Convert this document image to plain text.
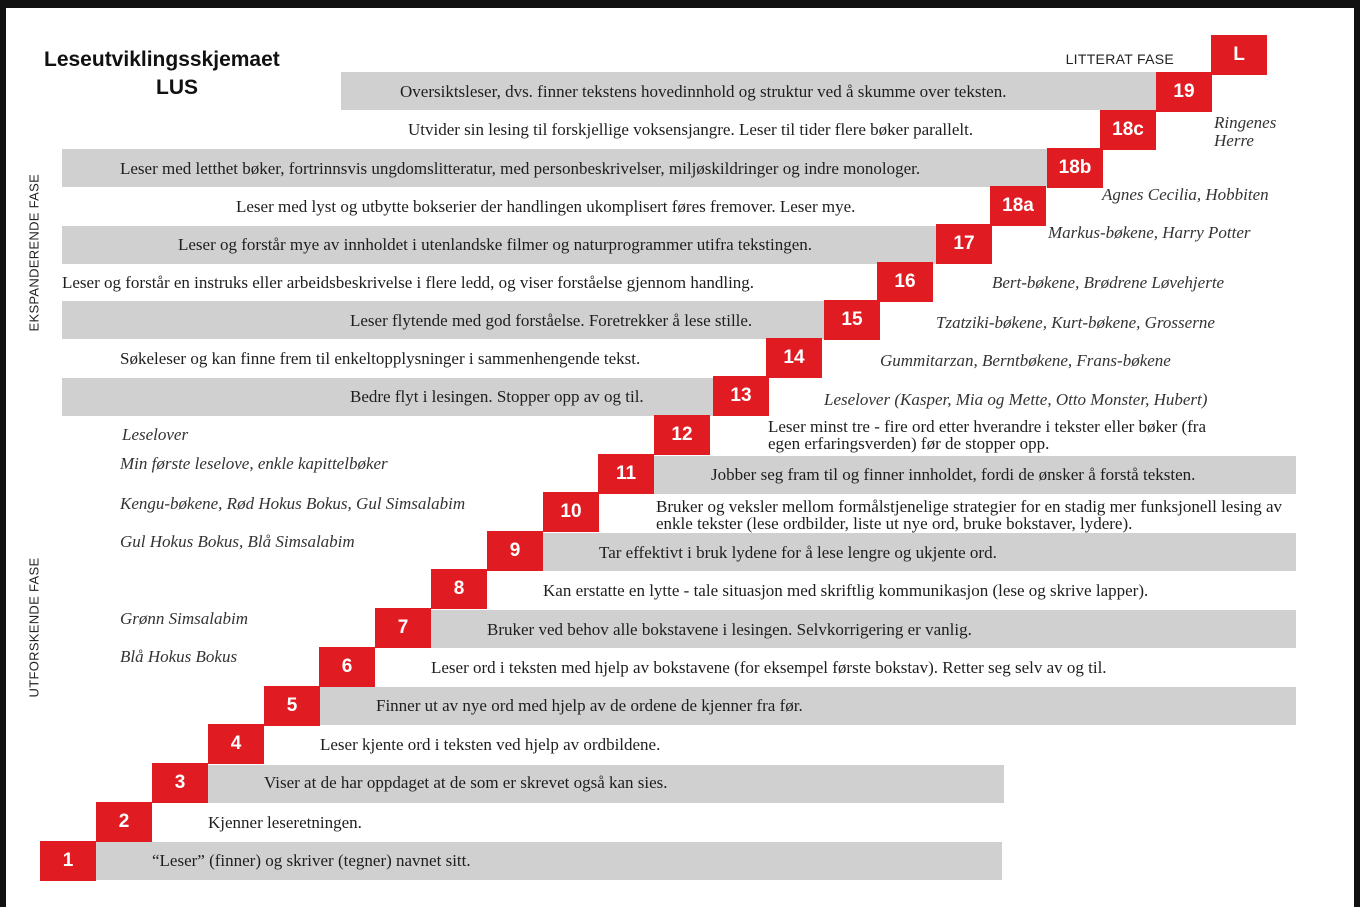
Leseutviklingsskjemaet
LUS
LITTERAT FASE
EKSPANDERENDE FASE
UTFORSKENDE FASE
1
2
3
4
5
6
7
8
9
10
11
12
13
14
15
16
17
18a
18b
18c
19
L
“Leser” (finner) og skriver (tegner) navnet sitt.
Kjenner leseretningen.
Viser at de har oppdaget at de som er skrevet også kan sies.
Leser kjente ord i teksten ved hjelp av ordbildene.
Finner ut av nye ord med hjelp av de ordene de kjenner fra før.
Leser ord i teksten med hjelp av bokstavene (for eksempel første bokstav). Retter seg selv av og til.
Bruker ved behov alle bokstavene i lesingen. Selvkorrigering er vanlig.
Kan erstatte en lytte - tale situasjon med skriftlig kommunikasjon (lese og skrive lapper).
Tar effektivt i bruk lydene for å lese lengre og ukjente ord.
Bruker og veksler mellom formålstjenelige strategier for en stadig mer funksjonell lesing av enkle tekster (lese ordbilder, liste ut nye ord, bruke bokstaver, lydere).
Jobber seg fram til og finner innholdet, fordi de ønsker å forstå teksten.
Leser minst tre - fire ord etter hverandre i tekster eller bøker (fra egen erfaringsverden) før de stopper opp.
Bedre flyt i lesingen. Stopper opp av og til.
Søkeleser og kan finne frem til enkeltopplysninger i sammenhengende tekst.
Leser flytende med god forståelse. Foretrekker å lese stille.
Leser og forstår en instruks eller arbeidsbeskrivelse i flere ledd, og viser forståelse gjennom handling.
Leser og forstår mye av innholdet i utenlandske filmer og naturprogrammer utifra tekstingen.
Leser med lyst og utbytte bokserier der handlingen ukomplisert føres fremover. Leser mye.
Leser med letthet bøker, fortrinnsvis ungdomslitteratur, med personbeskrivelser, miljøskildringer og indre monologer.
Utvider sin lesing til forskjellige voksensjangre. Leser til tider flere bøker parallelt.
Oversiktsleser, dvs. finner tekstens hovedinnhold og struktur ved å skumme over teksten.
Leselover
Min første leselove, enkle kapittelbøker
Kengu-bøkene, Rød Hokus Bokus, Gul Simsalabim
Gul Hokus Bokus, Blå Simsalabim
Grønn Simsalabim
Blå Hokus Bokus
Leselover (Kasper, Mia og Mette, Otto Monster, Hubert)
Gummitarzan, Berntbøkene, Frans-bøkene
Tzatziki-bøkene, Kurt-bøkene, Grosserne
Bert-bøkene, Brødrene Løvehjerte
Markus-bøkene, Harry Potter
Agnes Cecilia, Hobbiten
Ringenes Herre
